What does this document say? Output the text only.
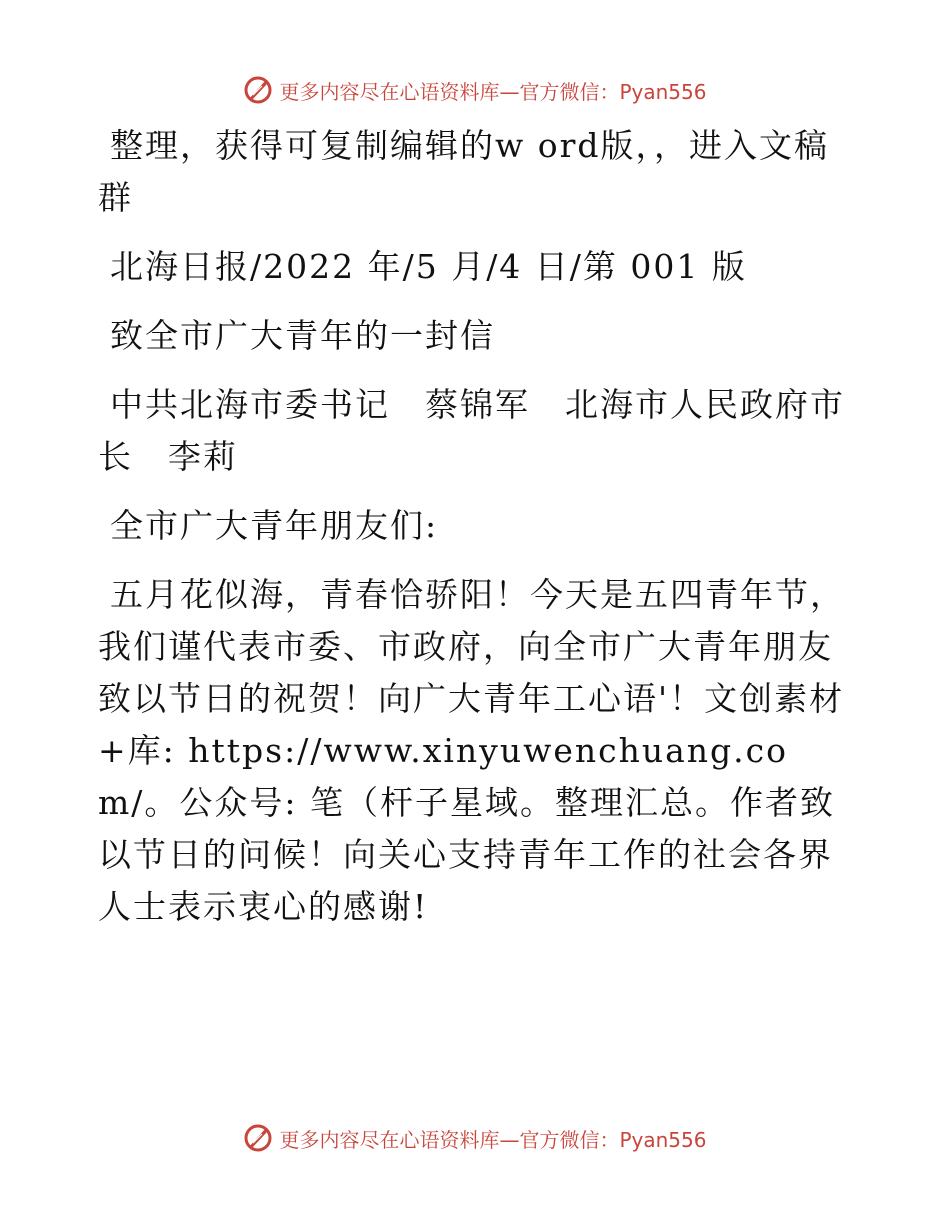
更多内容尽在心语资料库—官方微信：Pyan556

整理，获得可复制编辑的w ord版，，进入文稿群

北海日报/2022 年/5 月/4 日/第 001 版

致全市广大青年的一封信

中共北海市委书记　蔡锦军　北海市人民政府市长　李莉

全市广大青年朋友们:

五月花似海，青春恰骄阳！今天是五四青年节，我们谨代表市委、市政府，向全市广大青年朋友致以节日的祝贺！向广大青年工心语'！文创素材+库: https://www.xinyuwenchuang.com/。公众号: 笔（杆子星域。整理汇总。作者致以节日的问候！向关心支持青年工作的社会各界人士表示衷心的感谢!

更多内容尽在心语资料库—官方微信：Pyan556
